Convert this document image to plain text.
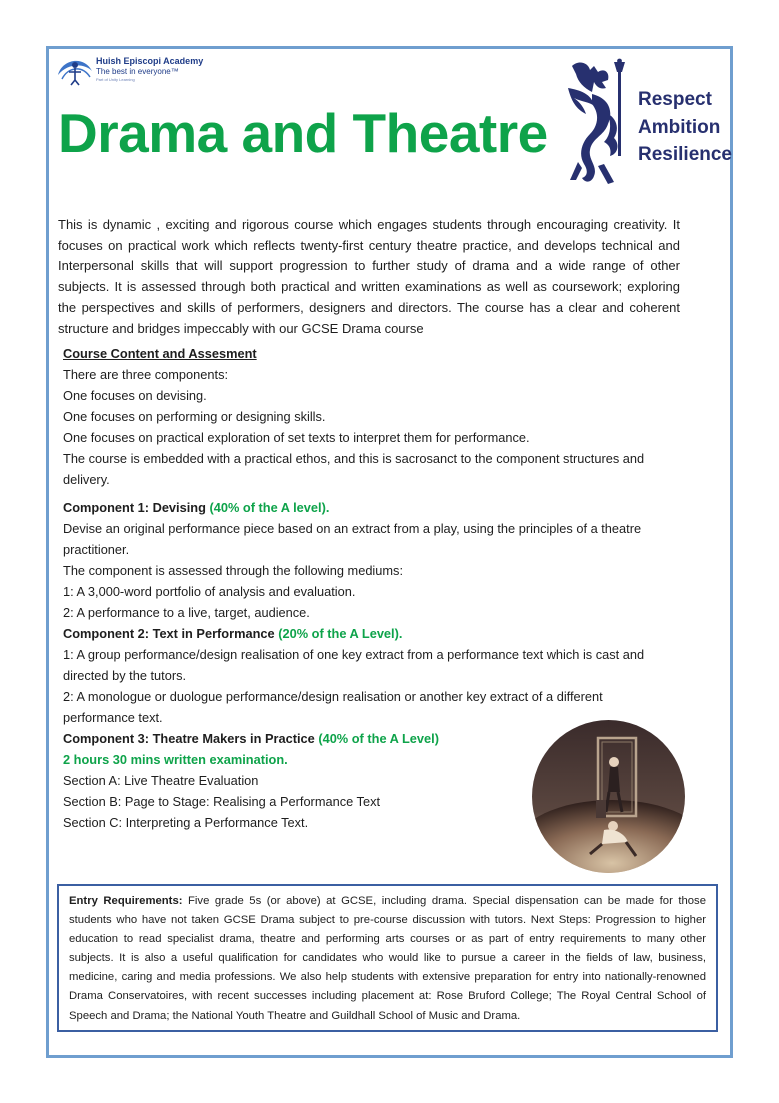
Huish Episcopi Academy
The best in everyone™
Part of Unity Learning
Drama and Theatre
Respect
Ambition
Resilience
This is dynamic , exciting and rigorous course which engages students through encouraging creativity. It focuses on practical work which reflects twenty-first century theatre practice, and develops technical and Interpersonal skills that will support progression to further study of drama and a wide range of other subjects. It is assessed through both practical and written examinations as well as coursework; exploring the perspectives and skills of performers, designers and directors. The course has a clear and coherent structure and bridges impeccably with our GCSE Drama course

Course Content and Assesment

There are three components:

One focuses on devising.

One focuses on performing or designing skills.

One focuses on practical exploration of set texts to interpret them for performance.

The course is embedded with a practical ethos, and this is sacrosanct to the component structures and delivery.

Component 1: Devising (40% of the A level).

Devise an original performance piece based on an extract from a play, using the principles of a theatre practitioner.

The component is assessed through the following mediums:

1: A 3,000-word portfolio of analysis and evaluation.

2: A performance to a live, target, audience.

Component 2: Text in Performance (20% of the A Level).

1: A group performance/design realisation of one key extract from a performance text which is cast and directed by the tutors.

2: A monologue or duologue performance/design realisation or another key extract of a different performance text.

Component 3: Theatre Makers in Practice (40% of the A Level)

2 hours 30 mins written examination.

Section A: Live Theatre Evaluation

Section B: Page to Stage: Realising a Performance Text

Section C: Interpreting a Performance Text.

Entry Requirements: Five grade 5s (or above) at GCSE, including drama. Special dispensation can be made for those students who have not taken GCSE Drama subject to pre-course discussion with tutors. Next Steps: Progression to higher education to read specialist drama, theatre and performing arts courses or as part of entry requirements to many other subjects. It is also a useful qualification for candidates who would like to pursue a career in the fields of law, business, medicine, caring and media professions. We also help students with extensive preparation for entry into nationally-renowned Drama Conservatoires, with recent successes including placement at: Rose Bruford College; The Royal Central School of Speech and Drama; the National Youth Theatre and Guildhall School of Music and Drama.
